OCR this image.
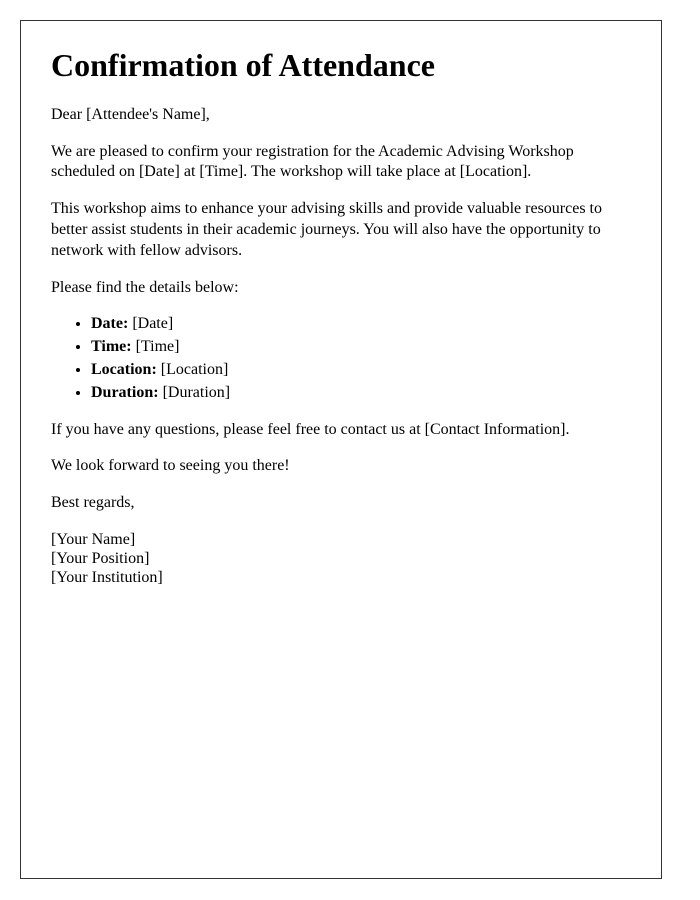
Confirmation of Attendance

Dear [Attendee's Name],

We are pleased to confirm your registration for the Academic Advising Workshop scheduled on [Date] at [Time]. The workshop will take place at [Location].

This workshop aims to enhance your advising skills and provide valuable resources to better assist students in their academic journeys. You will also have the opportunity to network with fellow advisors.

Please find the details below:

• Date: [Date]
• Time: [Time]
• Location: [Location]
• Duration: [Duration]

If you have any questions, please feel free to contact us at [Contact Information].

We look forward to seeing you there!

Best regards,

[Your Name]
[Your Position]
[Your Institution]
